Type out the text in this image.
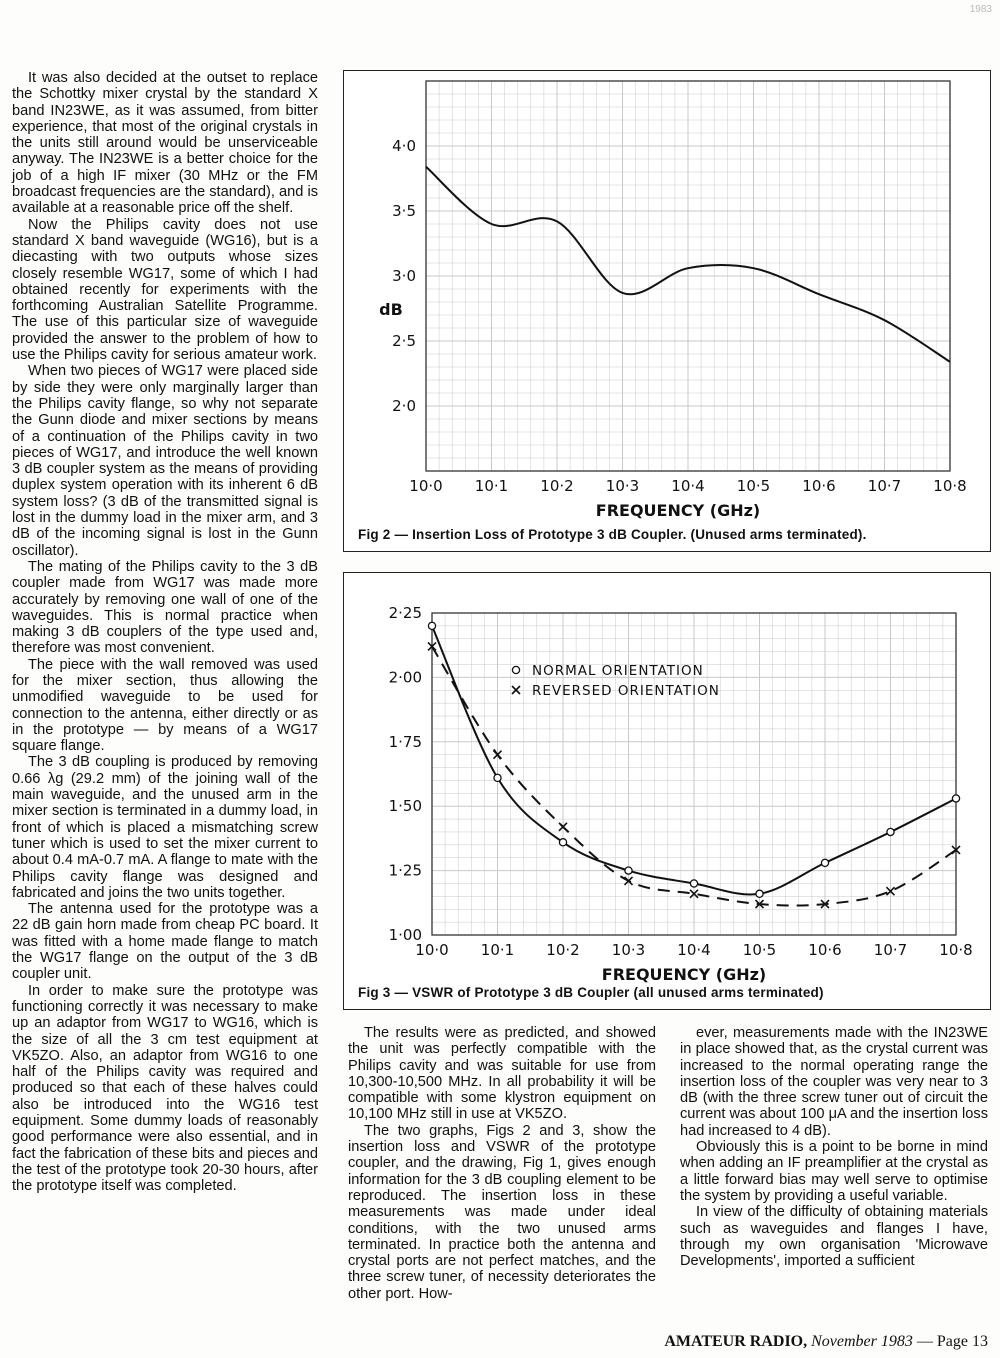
1983

It was also decided at the outset to replace the Schottky mixer crystal by the standard X band IN23WE, as it was assumed, from bitter experience, that most of the original crystals in the units still around would be unserviceable anyway. The IN23WE is a better choice for the job of a high IF mixer (30 MHz or the FM broadcast frequencies are the standard), and is available at a reasonable price off the shelf.

Now the Philips cavity does not use standard X band waveguide (WG16), but is a diecasting with two outputs whose sizes closely resemble WG17, some of which I had obtained recently for experiments with the forthcoming Australian Satellite Programme. The use of this particular size of waveguide provided the answer to the problem of how to use the Philips cavity for serious amateur work.

When two pieces of WG17 were placed side by side they were only marginally larger than the Philips cavity flange, so why not separate the Gunn diode and mixer sections by means of a continuation of the Philips cavity in two pieces of WG17, and introduce the well known 3 dB coupler system as the means of providing duplex system operation with its inherent 6 dB system loss? (3 dB of the transmitted signal is lost in the dummy load in the mixer arm, and 3 dB of the incoming signal is lost in the Gunn oscillator).

The mating of the Philips cavity to the 3 dB coupler made from WG17 was made more accurately by removing one wall of one of the waveguides. This is normal practice when making 3 dB couplers of the type used and, therefore was most convenient.

The piece with the wall removed was used for the mixer section, thus allowing the unmodified waveguide to be used for connection to the antenna, either directly or as in the prototype — by means of a WG17 square flange.

The 3 dB coupling is produced by removing 0.66 λg (29.2 mm) of the joining wall of the main waveguide, and the unused arm in the mixer section is terminated in a dummy load, in front of which is placed a mismatching screw tuner which is used to set the mixer current to about 0.4 mA-0.7 mA. A flange to mate with the Philips cavity flange was designed and fabricated and joins the two units together.

The antenna used for the prototype was a 22 dB gain horn made from cheap PC board. It was fitted with a home made flange to match the WG17 flange on the output of the 3 dB coupler unit.

In order to make sure the prototype was functioning correctly it was necessary to make up an adaptor from WG17 to WG16, which is the size of all the 3 cm test equipment at VK5ZO. Also, an adaptor from WG16 to one half of the Philips cavity was required and produced so that each of these halves could also be introduced into the WG16 test equipment. Some dummy loads of reasonably good performance were also essential, and in fact the fabrication of these bits and pieces and the test of the prototype took 20-30 hours, after the prototype itself was completed.

10·0 10·1 10·2 10·3 10·4 10·5 10·6 10·7 10·8
4·0
3·5
3·0
2·5
2·0
FREQUENCY (GHz)
dB
Fig 2 — Insertion Loss of Prototype 3 dB Coupler. (Unused arms terminated).
10·0 10·1 10·2 10·3 10·4 10·5 10·6 10·7 10·8
1·00
1·25
1·50
1·75
2·00
2·25
FREQUENCY (GHz)
NORMAL ORIENTATION
REVERSED ORIENTATION
Fig 3 — VSWR of Prototype 3 dB Coupler (all unused arms terminated)

The results were as predicted, and showed the unit was perfectly compatible with the Philips cavity and was suitable for use from 10,300-10,500 MHz. In all probability it will be compatible with some klystron equipment on 10,100 MHz still in use at VK5ZO.

The two graphs, Figs 2 and 3, show the insertion loss and VSWR of the prototype coupler, and the drawing, Fig 1, gives enough information for the 3 dB coupling element to be reproduced. The insertion loss in these measurements was made under ideal conditions, with the two unused arms terminated. In practice both the antenna and crystal ports are not perfect matches, and the three screw tuner, of necessity deteriorates the other port. How-

ever, measurements made with the IN23WE in place showed that, as the crystal current was increased to the normal operating range the insertion loss of the coupler was very near to 3 dB (with the three screw tuner out of circuit the current was about 100 μA and the insertion loss had increased to 4 dB).

Obviously this is a point to be borne in mind when adding an IF preamplifier at the crystal as a little forward bias may well serve to optimise the system by providing a useful variable.

In view of the difficulty of obtaining materials such as waveguides and flanges I have, through my own organisation 'Microwave Developments', imported a sufficient

AMATEUR RADIO, November 1983 — Page 13
